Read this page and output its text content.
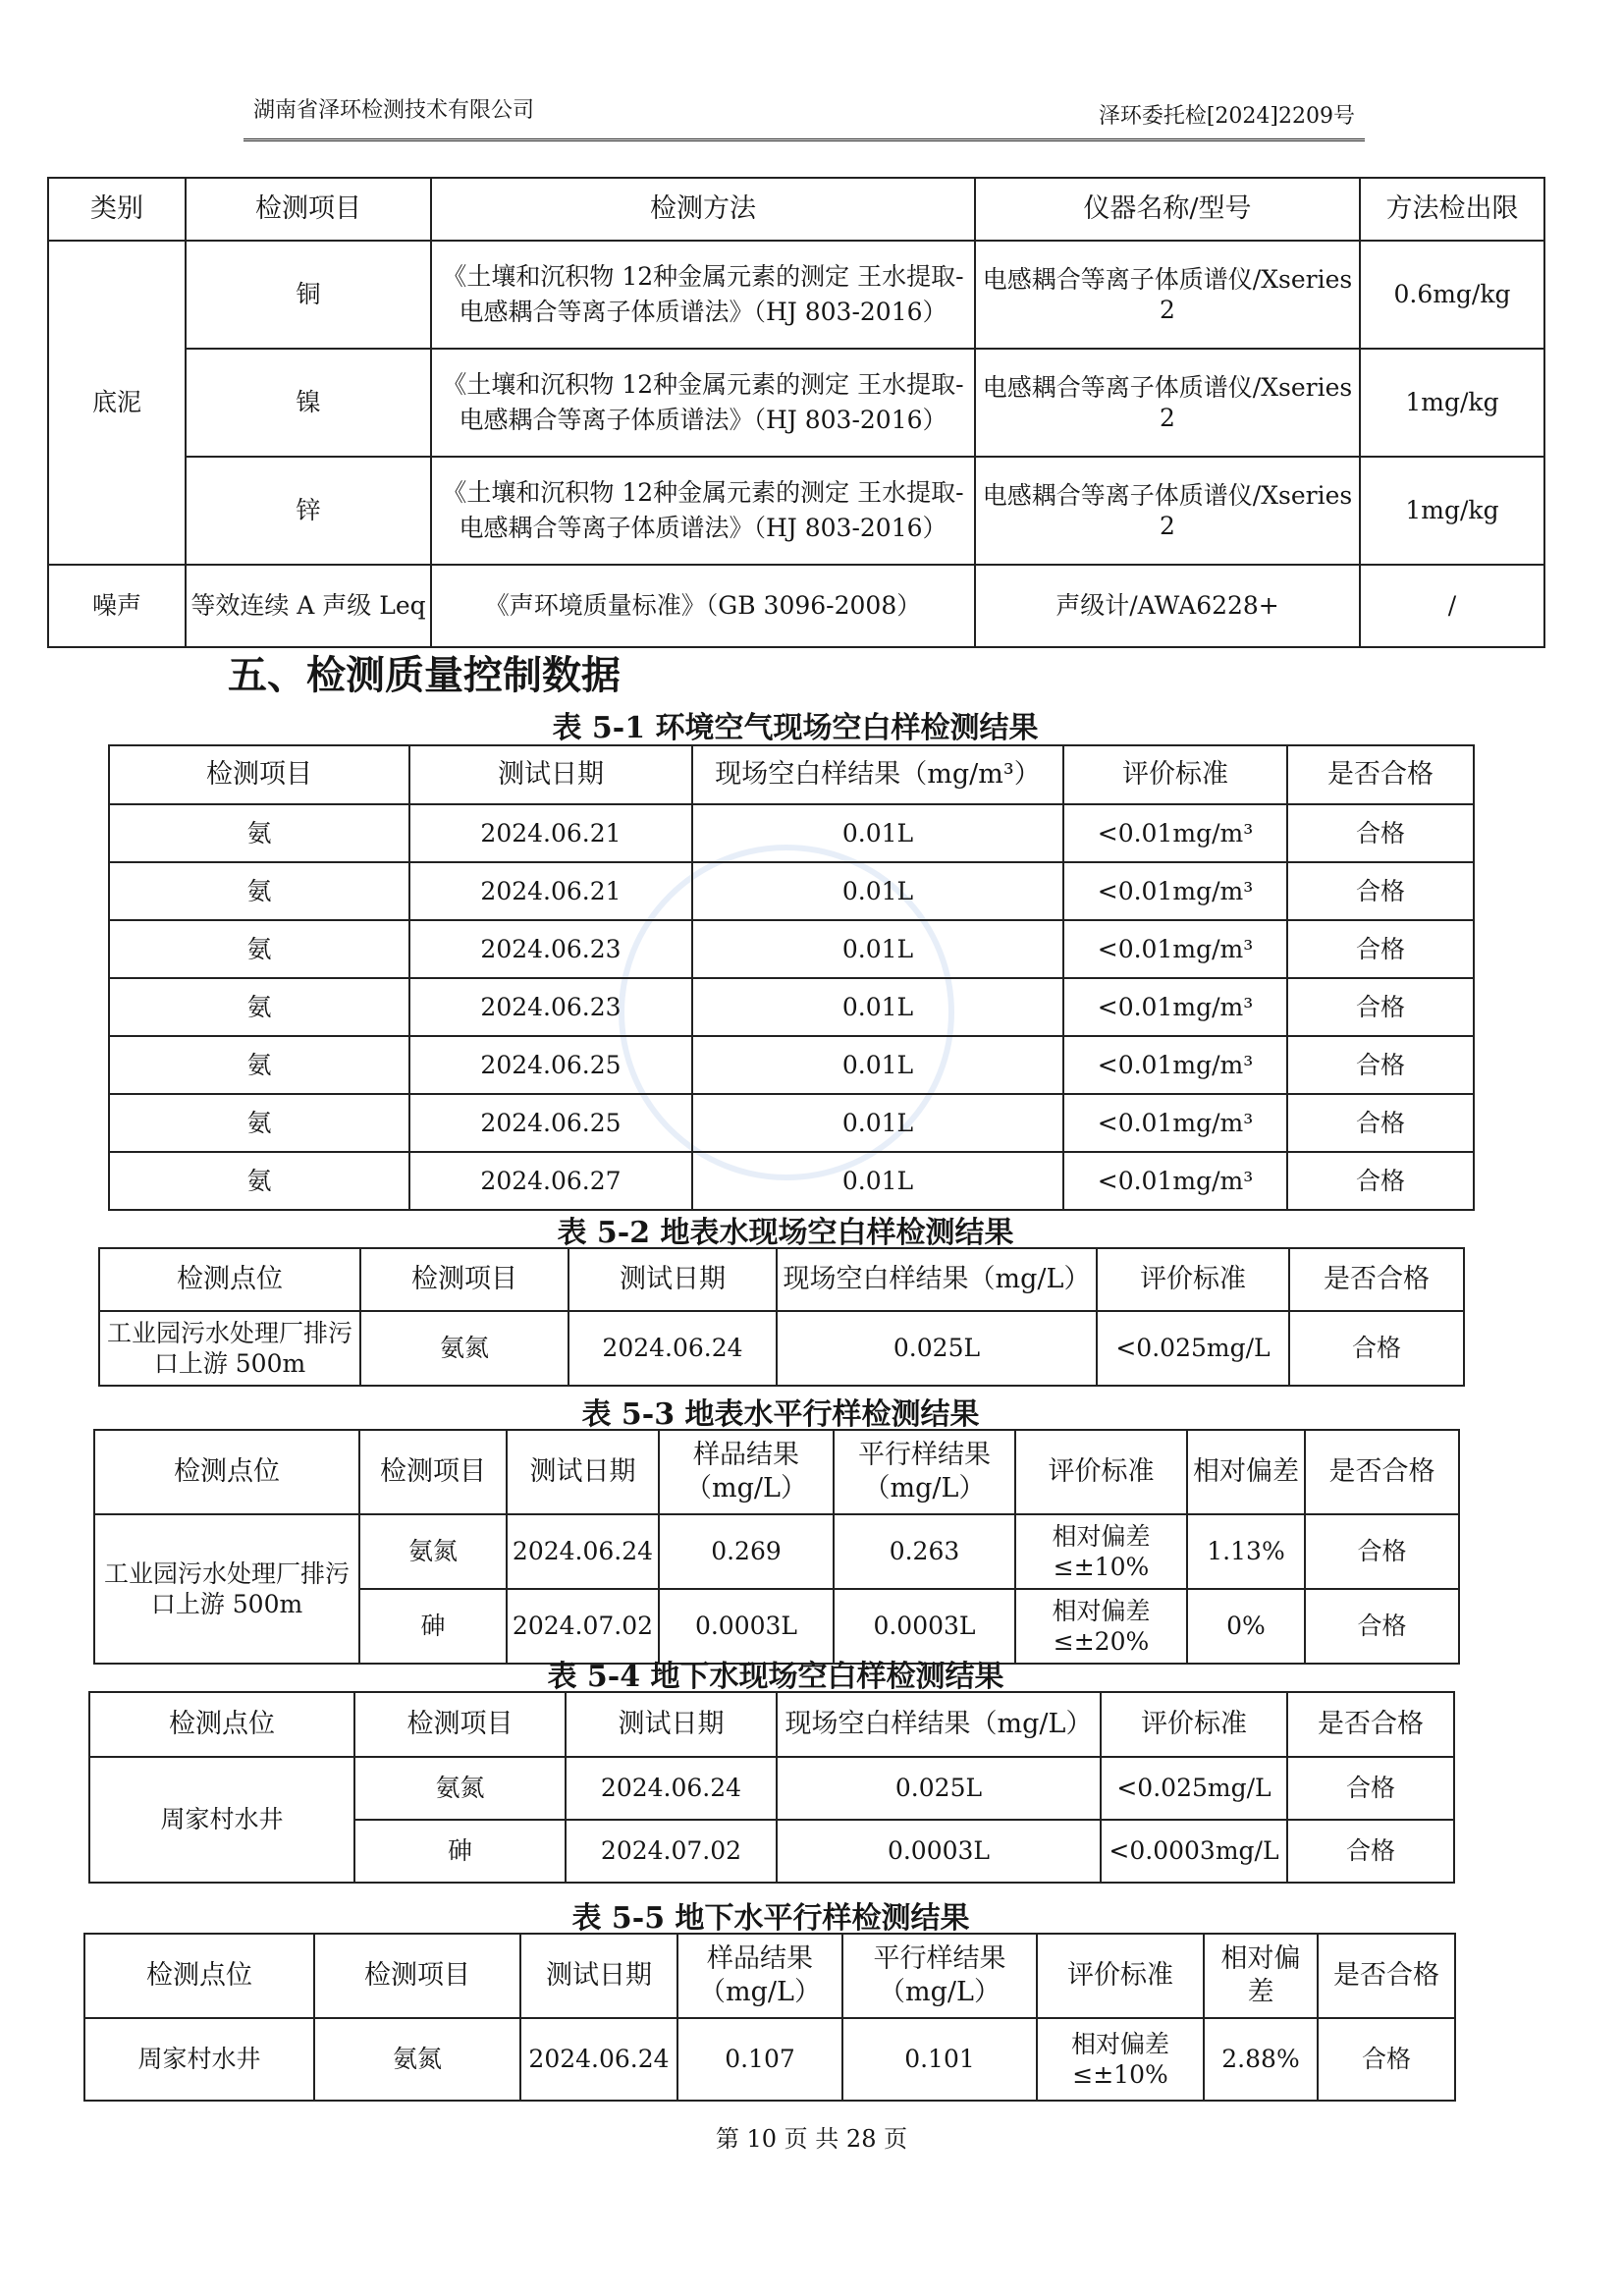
湖南省泽环检测技术有限公司	泽环委托检[2024]2209号
类别	检测项目	检测方法	仪器名称/型号	方法检出限
底泥	铜	《土壤和沉积物 12种金属元素的测定 王水提取-电感耦合等离子体质谱法》（HJ 803-2016）	电感耦合等离子体质谱仪/Xseries 2	0.6mg/kg
	镍	《土壤和沉积物 12种金属元素的测定 王水提取-电感耦合等离子体质谱法》（HJ 803-2016）	电感耦合等离子体质谱仪/Xseries 2	1mg/kg
	锌	《土壤和沉积物 12种金属元素的测定 王水提取-电感耦合等离子体质谱法》（HJ 803-2016）	电感耦合等离子体质谱仪/Xseries 2	1mg/kg
噪声	等效连续 A 声级 Leq	《声环境质量标准》（GB 3096-2008）	声级计/AWA6228+	/
五、检测质量控制数据
表 5-1 环境空气现场空白样检测结果
检测项目	测试日期	现场空白样结果（mg/m³）	评价标准	是否合格
氨	2024.06.21	0.01L	<0.01mg/m³	合格
氨	2024.06.21	0.01L	<0.01mg/m³	合格
氨	2024.06.23	0.01L	<0.01mg/m³	合格
氨	2024.06.23	0.01L	<0.01mg/m³	合格
氨	2024.06.25	0.01L	<0.01mg/m³	合格
氨	2024.06.25	0.01L	<0.01mg/m³	合格
氨	2024.06.27	0.01L	<0.01mg/m³	合格
表 5-2 地表水现场空白样检测结果
检测点位	检测项目	测试日期	现场空白样结果（mg/L）	评价标准	是否合格
工业园污水处理厂排污口上游 500m	氨氮	2024.06.24	0.025L	<0.025mg/L	合格
表 5-3 地表水平行样检测结果
检测点位	检测项目	测试日期	样品结果（mg/L）	平行样结果（mg/L）	评价标准	相对偏差	是否合格
工业园污水处理厂排污口上游 500m	氨氮	2024.06.24	0.269	0.263	相对偏差≤±10%	1.13%	合格
	砷	2024.07.02	0.0003L	0.0003L	相对偏差≤±20%	0%	合格
表 5-4 地下水现场空白样检测结果
检测点位	检测项目	测试日期	现场空白样结果（mg/L）	评价标准	是否合格
周家村水井	氨氮	2024.06.24	0.025L	<0.025mg/L	合格
	砷	2024.07.02	0.0003L	<0.0003mg/L	合格
表 5-5 地下水平行样检测结果
检测点位	检测项目	测试日期	样品结果（mg/L）	平行样结果（mg/L）	评价标准	相对偏差	是否合格
周家村水井	氨氮	2024.06.24	0.107	0.101	相对偏差≤±10%	2.88%	合格
第 10 页 共 28 页
